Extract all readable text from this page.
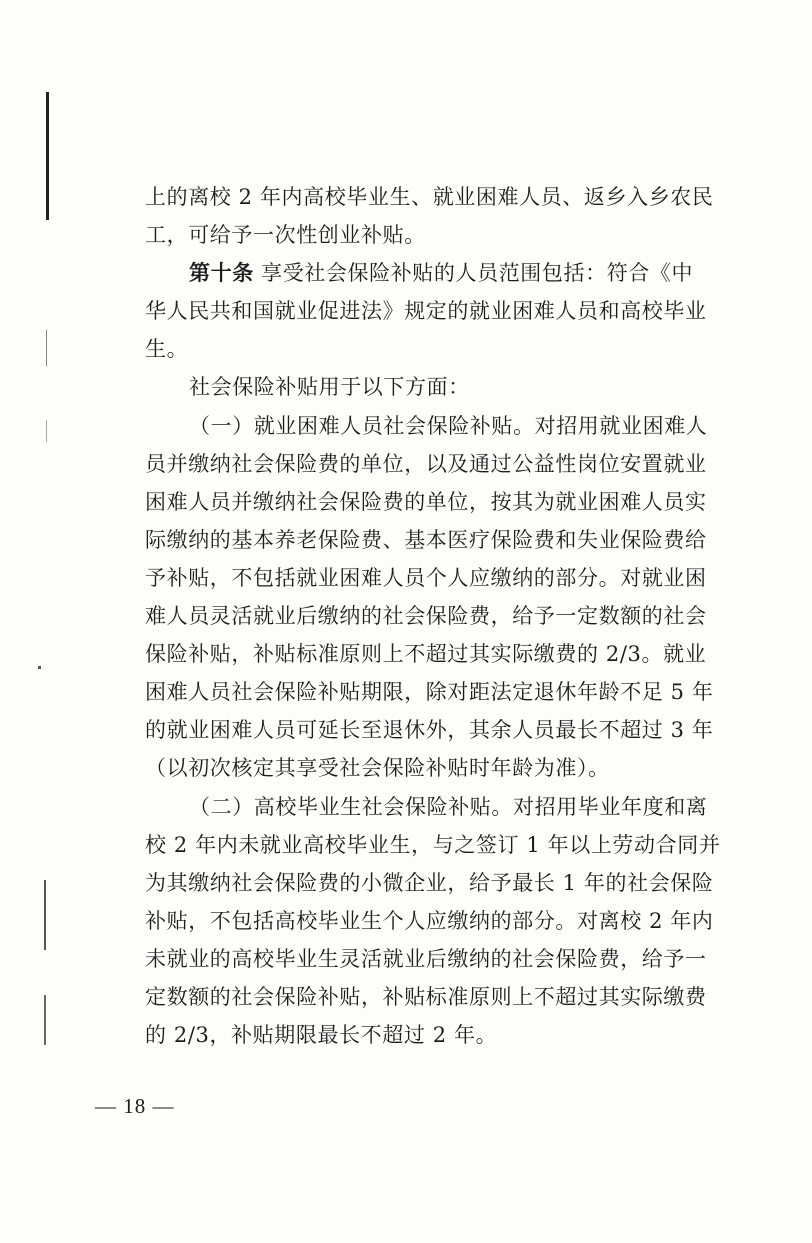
上的离校 2 年内高校毕业生、就业困难人员、返乡入乡农民
工，可给予一次性创业补贴。
第十条 享受社会保险补贴的人员范围包括：符合《中
华人民共和国就业促进法》规定的就业困难人员和高校毕业
生。
社会保险补贴用于以下方面：
（一）就业困难人员社会保险补贴。对招用就业困难人
员并缴纳社会保险费的单位，以及通过公益性岗位安置就业
困难人员并缴纳社会保险费的单位，按其为就业困难人员实
际缴纳的基本养老保险费、基本医疗保险费和失业保险费给
予补贴，不包括就业困难人员个人应缴纳的部分。对就业困
难人员灵活就业后缴纳的社会保险费，给予一定数额的社会
保险补贴，补贴标准原则上不超过其实际缴费的 2/3。就业
困难人员社会保险补贴期限，除对距法定退休年龄不足 5 年
的就业困难人员可延长至退休外，其余人员最长不超过 3 年
（以初次核定其享受社会保险补贴时年龄为准）。
（二）高校毕业生社会保险补贴。对招用毕业年度和离
校 2 年内未就业高校毕业生，与之签订 1 年以上劳动合同并
为其缴纳社会保险费的小微企业，给予最长 1 年的社会保险
补贴，不包括高校毕业生个人应缴纳的部分。对离校 2 年内
未就业的高校毕业生灵活就业后缴纳的社会保险费，给予一
定数额的社会保险补贴，补贴标准原则上不超过其实际缴费
的 2/3，补贴期限最长不超过 2 年。
— 18 —
